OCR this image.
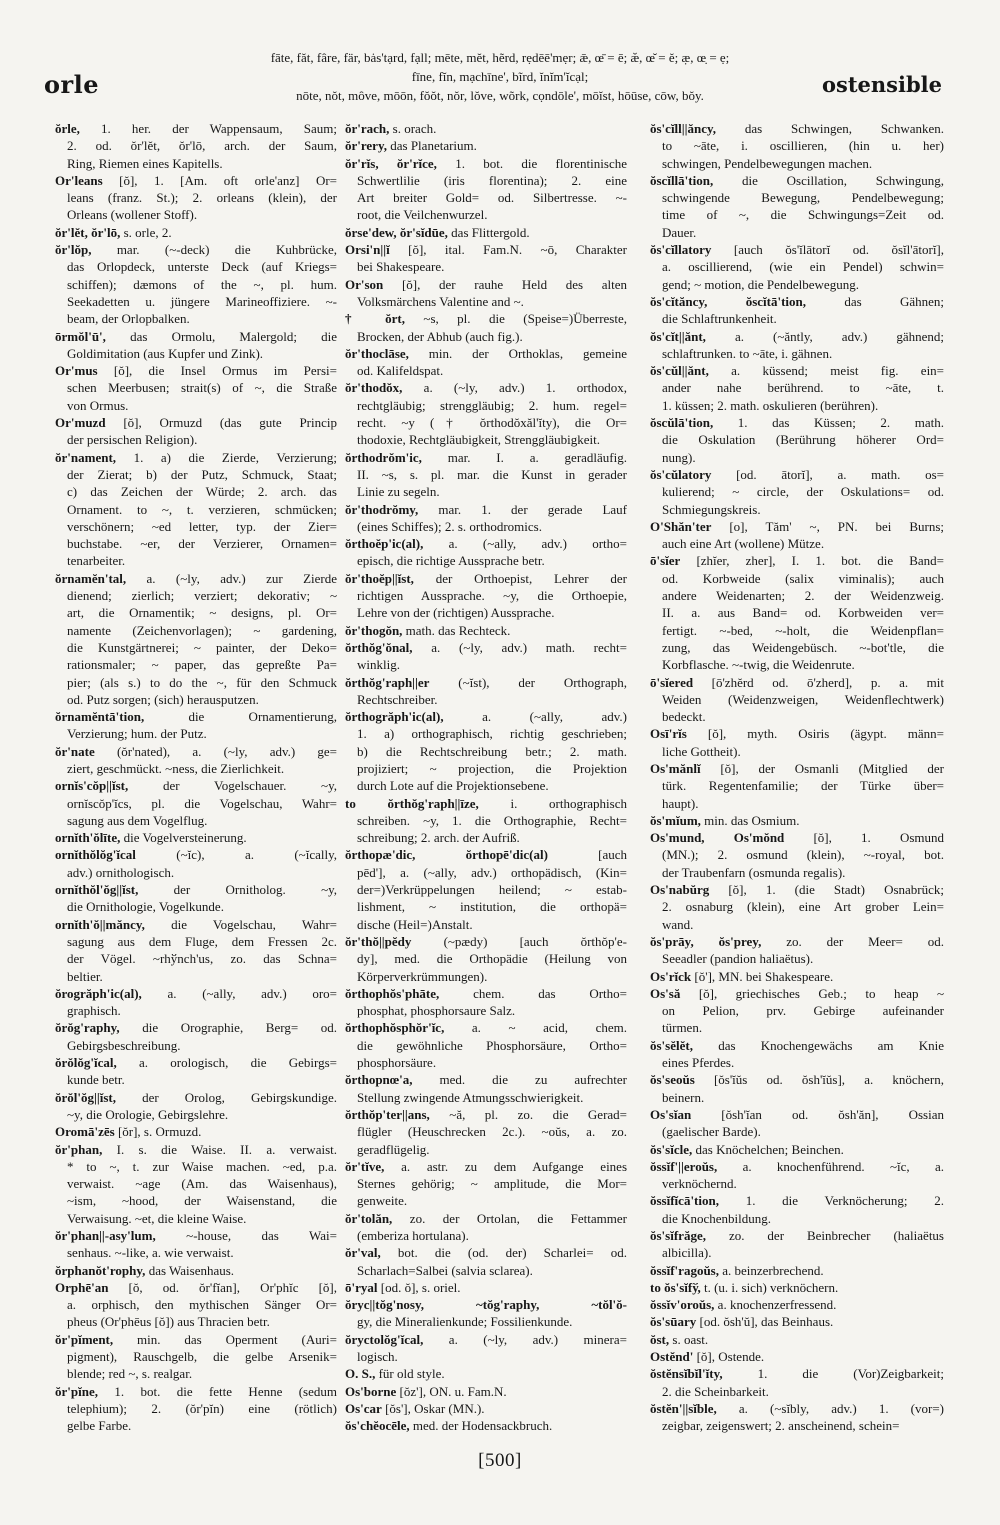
orle
fāte, făt, fâre, fär, bȧs'tạrd, fạll; mēte, mĕt, hẽrd, rẹdēē'mẹr; ǣ, œ̄ = ē; æ̆, œ̆ = ĕ; æ̣, œ̣ = ẹ;
fīne, fĭn, mạchīne', bĩrd, ĭnĭm'ĭcạl;
nōte, nŏt, môve, mōōn, fŏŏt, nŏr, lŏve, wõrk, cọndōle', mōĭst, hōūse, cōw, bŏy.	ostensible
ŏrle, 1. her. der Wappensaum, Saum;
2. od. ŏr'lĕt, ŏr'lō, arch. der Saum,
Ring, Riemen eines Kapitells.
Or'leans [ŏ], 1. [Am. oft orle'anz] Or=
leans (franz. St.); 2. orleans (klein), der
Orleans (wollener Stoff).
ŏr'lĕt, ŏr'lō, s. orle, 2.
ŏr'lŏp, mar. (~-deck) die Kuhbrücke,
das Orlopdeck, unterste Deck (auf Kriegs=
schiffen); dæmons of the ~, pl. hum.
Seekadetten u. jüngere Marineoffiziere. ~-
beam, der Orlopbalken.
ōrmŏl'ū', das Ormolu, Malergold; die
Goldimitation (aus Kupfer und Zink).
Or'mus [ŏ], die Insel Ormus im Persi=
schen Meerbusen; strait(s) of ~, die Straße
von Ormus.
Or'muzd [ŏ], Ormuzd (das gute Princip
der persischen Religion).
ŏr'nament, 1. a) die Zierde, Verzierung;
der Zierat; b) der Putz, Schmuck, Staat;
c) das Zeichen der Würde; 2. arch. das
Ornament. to ~, t. verzieren, schmücken;
verschönern; ~ed letter, typ. der Zier=
buchstabe. ~er, der Verzierer, Ornamen=
tenarbeiter.
ŏrnamĕn'tal, a. (~ly, adv.) zur Zierde
dienend; zierlich; verziert; dekorativ; ~
art, die Ornamentik; ~ designs, pl. Or=
namente (Zeichenvorlagen); ~ gardening,
die Kunstgärtnerei; ~ painter, der Deko=
rationsmaler; ~ paper, das gepreßte Pa=
pier; (als s.) to do the ~, für den Schmuck
od. Putz sorgen; (sich) herausputzen.
ŏrnamĕntā'tion,	die Ornamentierung,
Verzierung; hum. der Putz.
ŏr'nate (ŏr'nated), a. (~ly, adv.) ge=
ziert, geschmückt. ~ness, die Zierlichkeit.
ornĭs'cŏp||ĭst,	der Vogelschauer. ~y,
ornĭscŏp'ĭcs, pl. die Vogelschau, Wahr=
sagung aus dem Vogelflug.
ornĭth'ŏlīte, die Vogelversteinerung.
ornĭthŏlŏg'ĭcal	(~ĭc), a. (~ĭcally,
adv.) ornithologisch.
ornĭthŏl'ŏg||ĭst,	der Ornitholog. ~y,
die Ornithologie, Vogelkunde.
ornĭth'ŏ||măncy, die Vogelschau, Wahr=
sagung aus dem Fluge, dem Fressen 2c.
der Vögel. ~rhўnch'us, zo. das Schna=
beltier.
ŏrogrăph'ic(al), a. (~ally, adv.) oro=
graphisch.
ŏrŏg'raphy, die Orographie, Berg= od.
Gebirgsbeschreibung.
ŏrŏlŏg'ĭcal, a. orologisch, die Gebirgs=
kunde betr.
ŏrŏl'ŏg||ĭst, der Orolog, Gebirgskundige.
~y, die Orologie, Gebirgslehre.
Oromā'zēs [ŏr], s. Ormuzd.
ŏr'phan, I. s. die Waise. II. a. verwaist.
* to ~, t. zur Waise machen. ~ed, p.a.
verwaist. ~age (Am. das Waisenhaus),
~ism, ~hood, der Waisenstand, die
Verwaisung. ~et, die kleine Waise.
ŏr'phan||-asy'lum, ~-house, das Wai=
senhaus. ~-like, a. wie verwaist.
ŏrphanŏt'rophy, das Waisenhaus.
Orphē'an [ŏ, od. ŏr'fĭan], Or'phĭc [ŏ],
a. orphisch, den mythischen Sänger Or=
pheus (Or'phēus [ŏ]) aus Thracien betr.
ŏr'pĭment, min. das Operment (Auri=
pigment), Rauschgelb, die gelbe Arsenik=
blende; red ~, s. realgar.
ŏr'pĭne, 1. bot. die fette Henne (sedum
telephium); 2. (ŏr'pĭn) eine (rötlich)
gelbe Farbe.
ŏr'rach, s. orach.
ŏr'rery, das Planetarium.
ŏr'rĭs, ŏr'rĭce, 1. bot. die florentinische
Schwertlilie (iris florentina); 2. eine
Art breiter Gold= od. Silbertresse. ~-
root, die Veilchenwurzel.
ŏrse'dew, ŏr'sĭdūe, das Flittergold.
Orsi'n||ĭ [ŏ], ital. Fam.N. ~ō, Charakter
bei Shakespeare.
Or'son [ŏ], der rauhe Held des alten
Volksmärchens Valentine and ~.
† ŏrt, ~s, pl. die (Speise=)Überreste,
Brocken, der Abhub (auch fig.).
ŏr'thoclāse, min. der Orthoklas, gemeine
od. Kalifeldspat.
ŏr'thodŏx, a. (~ly, adv.) 1. orthodox,
rechtgläubig; strenggläubig; 2. hum. regel=
recht. ~y († ŏrthodŏxăl'ĭty), die Or=
thodoxie, Rechtgläubigkeit, Strenggläubigkeit.
ŏrthodrŏm'ic, mar. I. a. geradläufig.
II. ~s, s. pl. mar. die Kunst in gerader
Linie zu segeln.
ŏr'thodrŏmy, mar. 1. der gerade Lauf
(eines Schiffes); 2. s. orthodromics.
ŏrthoĕp'ic(al), a. (~ally, adv.) ortho=
episch, die richtige Aussprache betr.
ŏr'thoĕp||ĭst, der Orthoepist, Lehrer der
richtigen Aussprache. ~y, die Orthoepie,
Lehre von der (richtigen) Aussprache.
ŏr'thogŏn, math. das Rechteck.
ŏrthŏg'ŏnal, a. (~ly, adv.) math. recht=
winklig.
ŏrthŏg'raph||er (~ĭst), der Orthograph,
Rechtschreiber.
ŏrthogrăph'ic(al),	a. (~ally, adv.)
1. a) orthographisch, richtig geschrieben;
b) die Rechtschreibung betr.; 2. math.
projiziert; ~ projection, die Projektion
durch Lote auf die Projektionsebene.
to ŏrthŏg'raph||īze, i. orthographisch
schreiben. ~y, 1. die Orthographie, Recht=
schreibung; 2. arch. der Aufriß.
ŏrthopæ'dic, ŏrthopē'dic(al)	[auch
pēd'], a. (~ally, adv.) orthopädisch, (Kin=
der=)Verkrüppelungen heilend; ~ estab-
lishment, ~ institution, die orthopä=
dische (Heil=)Anstalt.
ŏr'thŏ||pĕdy (~pædy) [auch ŏrthŏp'e-
dy], med. die Orthopädie (Heilung von
Körperverkrümmungen).
ŏrthophŏs'phāte,	chem. das Ortho=
phosphat, phosphorsaure Salz.
ŏrthophŏsphŏr'ĭc, a. ~ acid, chem.
die gewöhnliche Phosphorsäure, Ortho=
phosphorsäure.
ŏrthopnœ'a, med. die zu aufrechter
Stellung zwingende Atmungsschwierigkeit.
ŏrthŏp'ter||ans, ~ă, pl. zo. die Gerad=
flügler (Heuschrecken 2c.). ~oŭs, a. zo.
geradflügelig.
ŏr'tĭve, a. astr. zu dem Aufgange eines
Sternes gehörig; ~ amplitude, die Mor=
genweite.
ŏr'tolăn, zo. der Ortolan, die Fettammer
(emberiza hortulana).
ŏr'val, bot. die (od. der) Scharlei= od.
Scharlach=Salbei (salvia sclarea).
ō'ryal [od. ŏ], s. oriel.
ŏryc||tŏg'nosy, ~tŏg'raphy, ~tŏl'ŏ-
gy, die Mineralienkunde; Fossilienkunde.
ŏryctolŏg'ĭcal, a. (~ly, adv.) minera=
logisch.
O. S., für old style.
Os'borne [ŏz'], ON. u. Fam.N.
Os'car [ŏs'], Oskar (MN.).
ŏs'chĕocēle, med. der Hodensackbruch.
ŏs'cĭll||ăncy, das Schwingen, Schwanken.
to ~āte, i. oscillieren, (hin u. her)
schwingen, Pendelbewegungen machen.
ŏscĭllā'tion, die Oscillation, Schwingung,
schwingende Bewegung, Pendelbewegung;
time of ~, die Schwingungs=Zeit od.
Dauer.
ŏs'cĭllatory [auch ŏs'ĭlātorĭ od. ŏsĭl'ātorĭ],
a. oscillierend, (wie ein Pendel) schwin=
gend; ~ motion, die Pendelbewegung.
ŏs'cĭtăncy, ŏscĭtā'tion,	das Gähnen;
die Schlaftrunkenheit.
ŏs'cĭt||ănt, a. (~ăntly, adv.) gähnend;
schlaftrunken. to ~āte, i. gähnen.
ŏs'cŭl||ănt, a. küssend; meist fig. ein=
ander nahe berührend. to ~āte, t.
1. küssen; 2. math. oskulieren (berühren).
ŏscŭlā'tion, 1. das Küssen; 2. math.
die Oskulation (Berührung höherer Ord=
nung).
ŏs'cŭlatory [od. ātorĭ], a. math. os=
kulierend; ~ circle, der Oskulations= od.
Schmiegungskreis.
O'Shăn'ter [o], Tăm' ~, PN. bei Burns;
auch eine Art (wollene) Mütze.
ō'sĭer [zhĭer, zher], I. 1. bot. die Band=
od. Korbweide (salix viminalis); auch
andere Weidenarten; 2. der Weidenzweig.
II. a. aus Band= od. Korbweiden ver=
fertigt. ~-bed, ~-holt, die Weidenpflan=
zung, das Weidengebüsch. ~-bot'tle, die
Korbflasche. ~-twig, die Weidenrute.
ō'sĭered [ō'zhĕrd od. ō'zherd], p. a. mit
Weiden (Weidenzweigen, Weidenflechtwerk)
bedeckt.
Osī'rĭs [ŏ], myth. Osiris (ägypt. männ=
liche Gottheit).
Os'mănlĭ [ŏ], der Osmanli (Mitglied der
türk. Regentenfamilie; der Türke über=
haupt).
ŏs'mĭum, min. das Osmium.
Os'mund, Os'mŏnd [ŏ], 1. Osmund
(MN.); 2. osmund (klein), ~-royal, bot.
der Traubenfarn (osmunda regalis).
Os'nabŭrg [ŏ], 1. (die Stadt) Osnabrück;
2. osnaburg (klein), eine Art grober Lein=
wand.
ŏs'prāy, ŏs'prey, zo. der Meer= od.
Seeadler (pandion haliaëtus).
Os'rĭck [ŏ'], MN. bei Shakespeare.
Os'să [ŏ], griechisches Geb.; to heap ~
on Pelion, prv. Gebirge aufeinander
türmen.
ŏs'sĕlĕt, das Knochengewächs am Knie
eines Pferdes.
ŏs'seoŭs [ŏs'ĭŭs od. ŏsh'ĭŭs], a. knöchern,
beinern.
Os'sĭan [ŏsh'ĭan od. ŏsh'ăn], Ossian
(gaelischer Barde).
ŏs'sĭcle, das Knöchelchen; Beinchen.
ŏssĭf'||eroŭs, a. knochenführend. ~ĭc, a.
verknöchernd.
ŏssĭfĭcā'tion, 1. die Verknöcherung; 2.
die Knochenbildung.
ŏs'sĭfrăge, zo. der Beinbrecher (haliaëtus
albicilla).
ŏssĭf'ragoŭs, a. beinzerbrechend.
to ŏs'sĭfў, t. (u. i. sich) verknöchern.
ŏssĭv'oroŭs, a. knochenzerfressend.
ŏs'sūary [od. ŏsh'ŭ], das Beinhaus.
ŏst, s. oast.
Ostĕnd' [ŏ], Ostende.
ŏstĕnsĭbĭl'ĭty,	1. die (Vor)Zeigbarkeit;
2. die Scheinbarkeit.
ŏstĕn'||sĭble, a. (~sĭbly, adv.) 1. (vor=)
zeigbar, zeigenswert; 2. anscheinend, schein=
[500]
